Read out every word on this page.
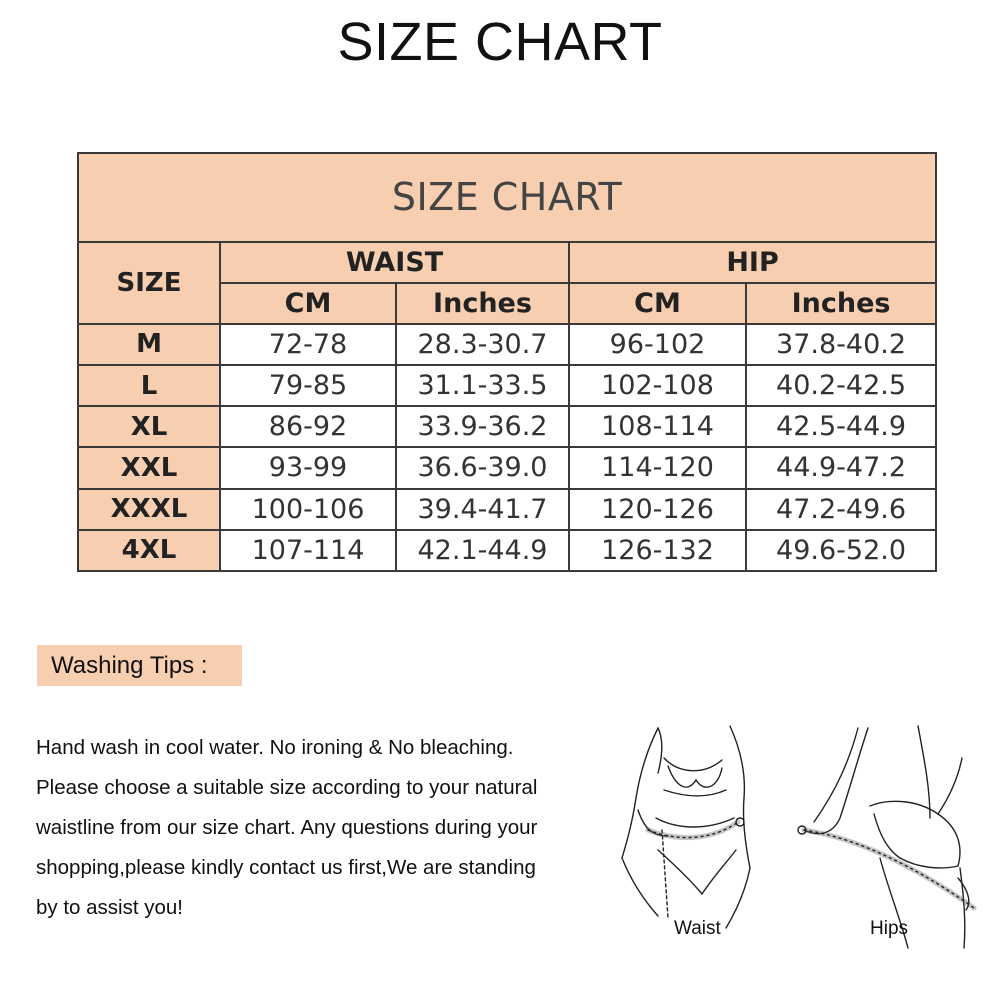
SIZE CHART
SIZE CHART				
SIZE	WAIST		HIP	
	CM	Inches	CM	Inches
M	72-78	28.3-30.7	96-102	37.8-40.2
L	79-85	31.1-33.5	102-108	40.2-42.5
XL	86-92	33.9-36.2	108-114	42.5-44.9
XXL	93-99	36.6-39.0	114-120	44.9-47.2
XXXL	100-106	39.4-41.7	120-126	47.2-49.6
4XL	107-114	42.1-44.9	126-132	49.6-52.0
Washing Tips :
Hand wash in cool water. No ironing & No bleaching.
Please choose a suitable size according to your natural
waistline from our size chart. Any questions during your
shopping,please kindly contact us first,We are standing
by to assist you!
Waist	Hips
